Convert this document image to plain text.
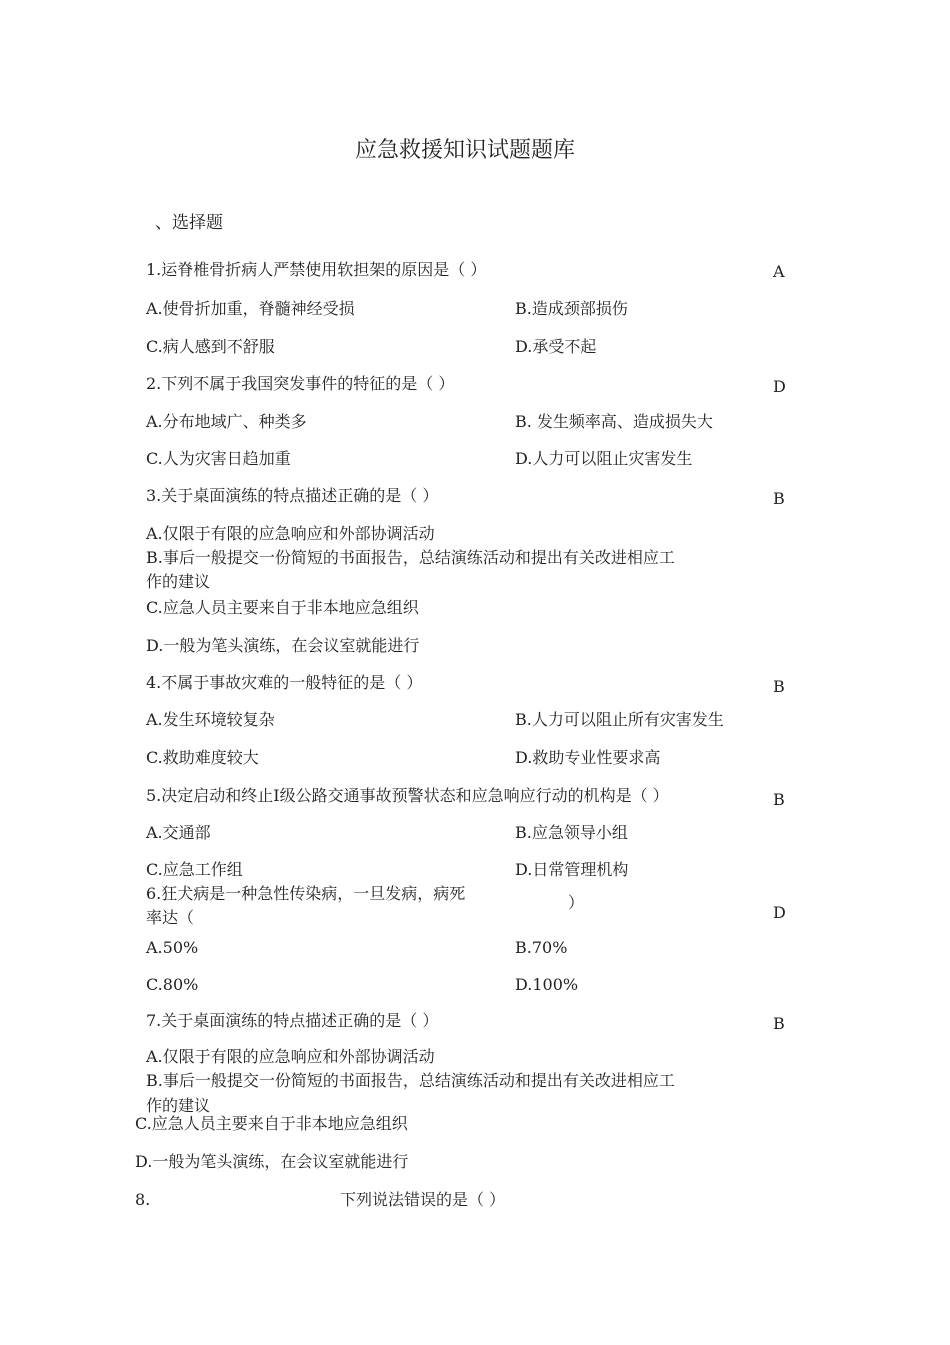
应急救援知识试题题库
、选择题
1.运脊椎骨折病人严禁使用软担架的原因是（ ）	A
A.使骨折加重，脊髓神经受损	B.造成颈部损伤
C.病人感到不舒服	D.承受不起
2.下列不属于我国突发事件的特征的是（ ）	D
A.分布地域广、种类多	B. 发生频率高、造成损失大
C.人为灾害日趋加重	D.人力可以阻止灾害发生
3.关于桌面演练的特点描述正确的是（ ）	B
A.仅限于有限的应急响应和外部协调活动
B.事后一般提交一份简短的书面报告，总结演练活动和提出有关改进相应工
作的建议
C.应急人员主要来自于非本地应急组织
D.一般为笔头演练，在会议室就能进行
4.不属于事故灾难的一般特征的是（ ）	B
A.发生环境较复杂	B.人力可以阻止所有灾害发生
C.救助难度较大	D.救助专业性要求高
5.决定启动和终止Ⅰ级公路交通事故预警状态和应急响应行动的机构是（ ）	B
A.交通部	B.应急领导小组
C.应急工作组	D.日常管理机构
6.狂犬病是一种急性传染病，一旦发病，病死
率达（
）
D
A.50%	B.70%
C.80%	D.100%
7.关于桌面演练的特点描述正确的是（ ）	B
A.仅限于有限的应急响应和外部协调活动
B.事后一般提交一份简短的书面报告，总结演练活动和提出有关改进相应工
作的建议
C.应急人员主要来自于非本地应急组织
D.一般为笔头演练，在会议室就能进行
8.	下列说法错误的是（ ）
